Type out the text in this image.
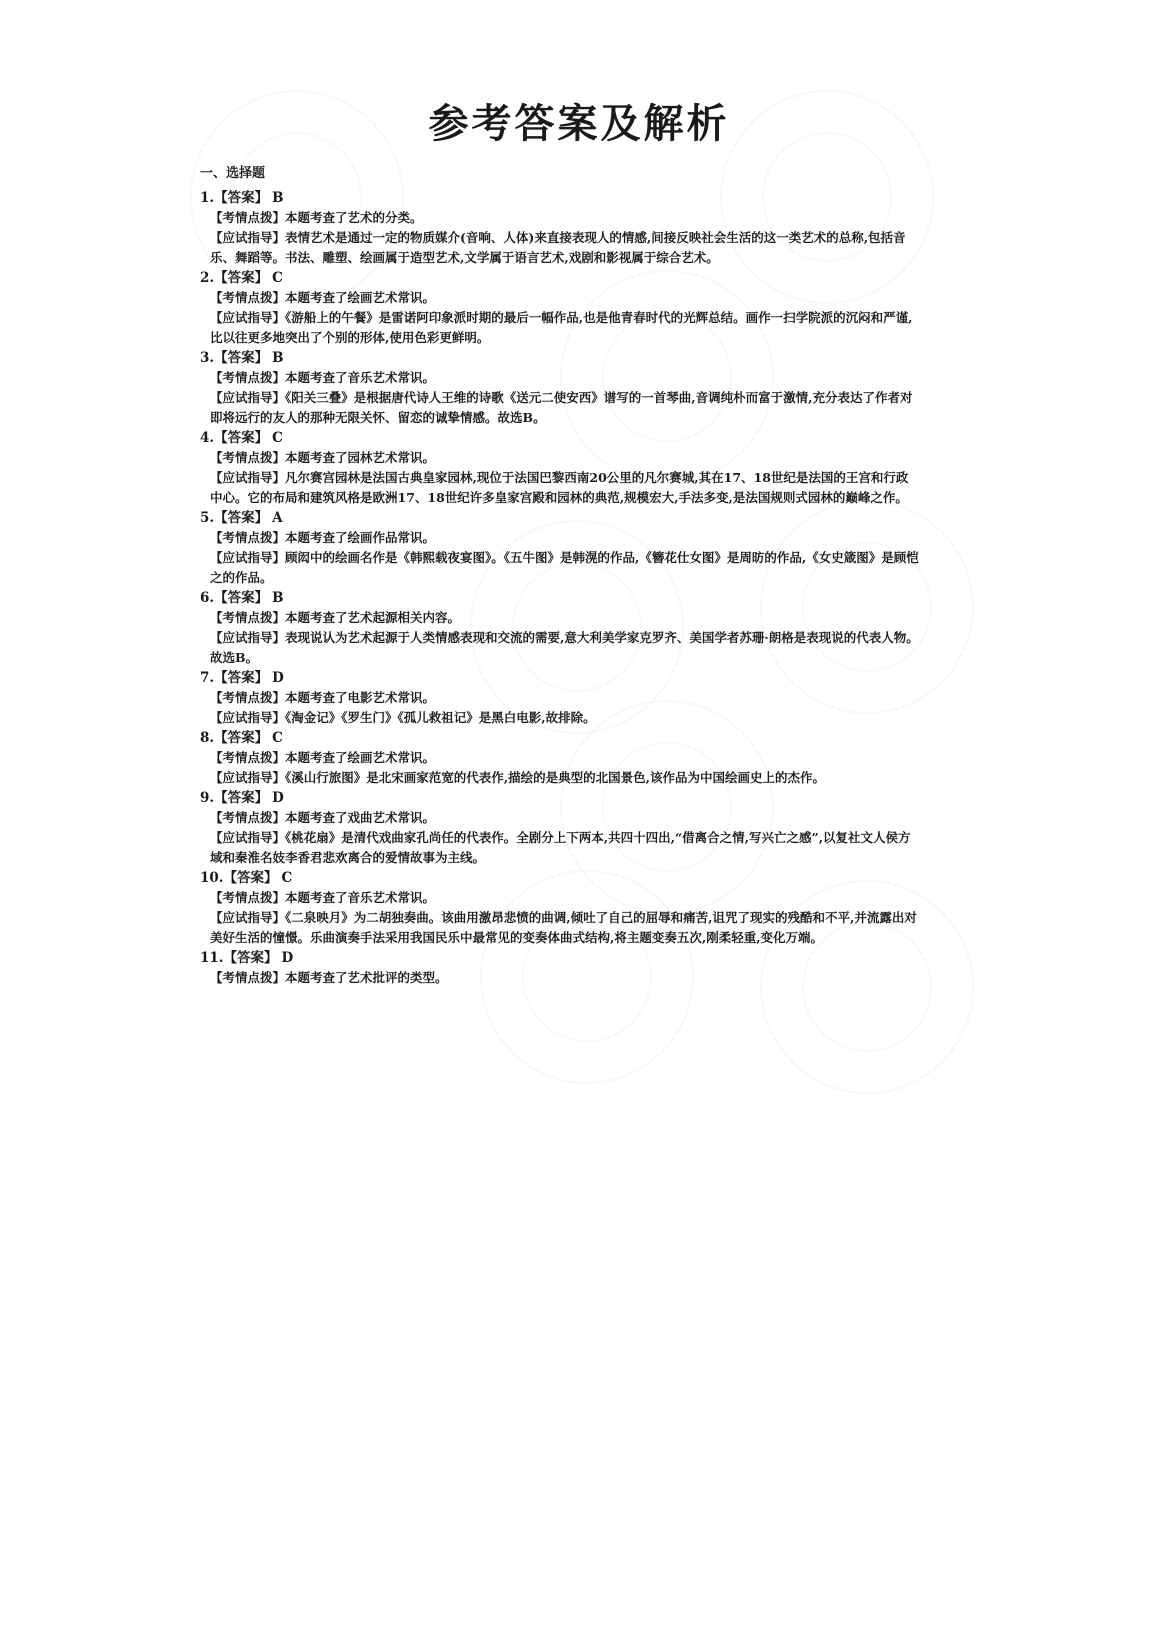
参考答案及解析
一、选择题
1.【答案】 B
【考情点拨】本题考查了艺术的分类。
【应试指导】表情艺术是通过一定的物质媒介(音响、人体)来直接表现人的情感,间接反映社会生活的这一类艺术的总称,包括音乐、舞蹈等。书法、雕塑、绘画属于造型艺术,文学属于语言艺术,戏剧和影视属于综合艺术。
2.【答案】 C
【考情点拨】本题考查了绘画艺术常识。
【应试指导】《游船上的午餐》是雷诺阿印象派时期的最后一幅作品,也是他青春时代的光辉总结。画作一扫学院派的沉闷和严谨,比以往更多地突出了个别的形体,使用色彩更鲜明。
3.【答案】 B
【考情点拨】本题考查了音乐艺术常识。
【应试指导】《阳关三叠》是根据唐代诗人王维的诗歌《送元二使安西》谱写的一首琴曲,音调纯朴而富于激情,充分表达了作者对即将远行的友人的那种无限关怀、留恋的诚挚情感。故选B。
4.【答案】 C
【考情点拨】本题考查了园林艺术常识。
【应试指导】凡尔赛宫园林是法国古典皇家园林,现位于法国巴黎西南20公里的凡尔赛城,其在17、18世纪是法国的王宫和行政中心。它的布局和建筑风格是欧洲17、18世纪许多皇家宫殿和园林的典范,规模宏大,手法多变,是法国规则式园林的巅峰之作。
5.【答案】 A
【考情点拨】本题考查了绘画作品常识。
【应试指导】顾闳中的绘画名作是《韩熙载夜宴图》。《五牛图》是韩滉的作品,《簪花仕女图》是周昉的作品,《女史箴图》是顾恺之的作品。
6.【答案】 B
【考情点拨】本题考查了艺术起源相关内容。
【应试指导】表现说认为艺术起源于人类情感表现和交流的需要,意大利美学家克罗齐、美国学者苏珊·朗格是表现说的代表人物。故选B。
7.【答案】 D
【考情点拨】本题考查了电影艺术常识。
【应试指导】《淘金记》《罗生门》《孤儿救祖记》是黑白电影,故排除。
8.【答案】 C
【考情点拨】本题考查了绘画艺术常识。
【应试指导】《溪山行旅图》是北宋画家范宽的代表作,描绘的是典型的北国景色,该作品为中国绘画史上的杰作。
9.【答案】 D
【考情点拨】本题考查了戏曲艺术常识。
【应试指导】《桃花扇》是清代戏曲家孔尚任的代表作。全剧分上下两本,共四十四出,“借离合之情,写兴亡之感”,以复社文人侯方域和秦淮名妓李香君悲欢离合的爱情故事为主线。
10.【答案】 C
【考情点拨】本题考查了音乐艺术常识。
【应试指导】《二泉映月》为二胡独奏曲。该曲用激昂悲愤的曲调,倾吐了自己的屈辱和痛苦,诅咒了现实的残酷和不平,并流露出对美好生活的憧憬。乐曲演奏手法采用我国民乐中最常见的变奏体曲式结构,将主题变奏五次,刚柔轻重,变化万端。
11.【答案】 D
【考情点拨】本题考查了艺术批评的类型。
